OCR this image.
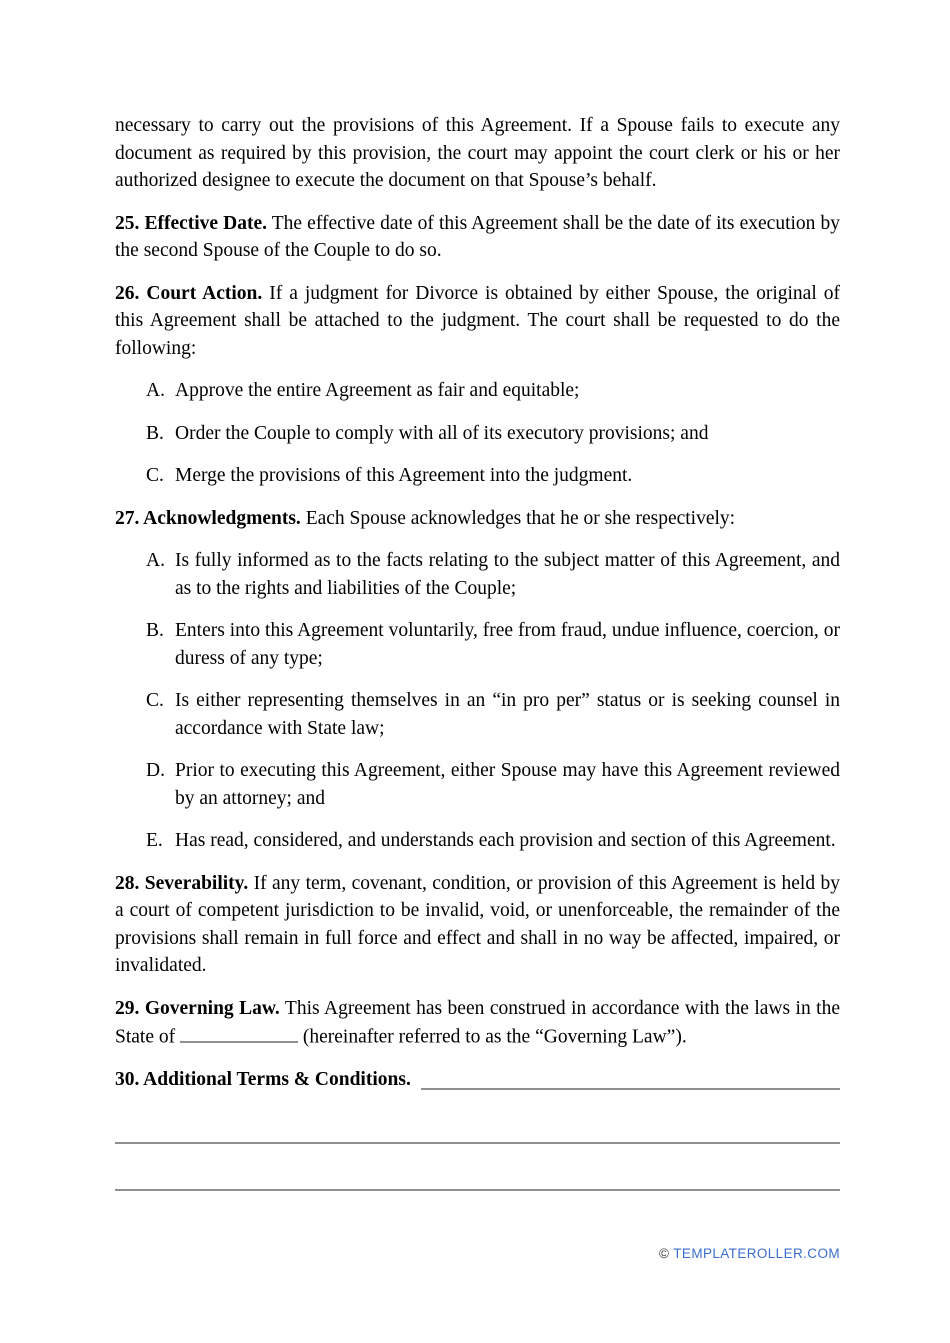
necessary to carry out the provisions of this Agreement. If a Spouse fails to execute any document as required by this provision, the court may appoint the court clerk or his or her authorized designee to execute the document on that Spouse’s behalf.

25. Effective Date. The effective date of this Agreement shall be the date of its execution by the second Spouse of the Couple to do so.

26. Court Action. If a judgment for Divorce is obtained by either Spouse, the original of this Agreement shall be attached to the judgment. The court shall be requested to do the following:

A. Approve the entire Agreement as fair and equitable;
B. Order the Couple to comply with all of its executory provisions; and
C. Merge the provisions of this Agreement into the judgment.

27. Acknowledgments. Each Spouse acknowledges that he or she respectively:

A. Is fully informed as to the facts relating to the subject matter of this Agreement, and as to the rights and liabilities of the Couple;
B. Enters into this Agreement voluntarily, free from fraud, undue influence, coercion, or duress of any type;
C. Is either representing themselves in an “in pro per” status or is seeking counsel in accordance with State law;
D. Prior to executing this Agreement, either Spouse may have this Agreement reviewed by an attorney; and
E. Has read, considered, and understands each provision and section of this Agreement.

28. Severability. If any term, covenant, condition, or provision of this Agreement is held by a court of competent jurisdiction to be invalid, void, or unenforceable, the remainder of the provisions shall remain in full force and effect and shall in no way be affected, impaired, or invalidated.

29. Governing Law. This Agreement has been construed in accordance with the laws in the State of	(hereinafter referred to as the “Governing Law”).

30. Additional Terms & Conditions.
© TEMPLATEROLLER.COM
